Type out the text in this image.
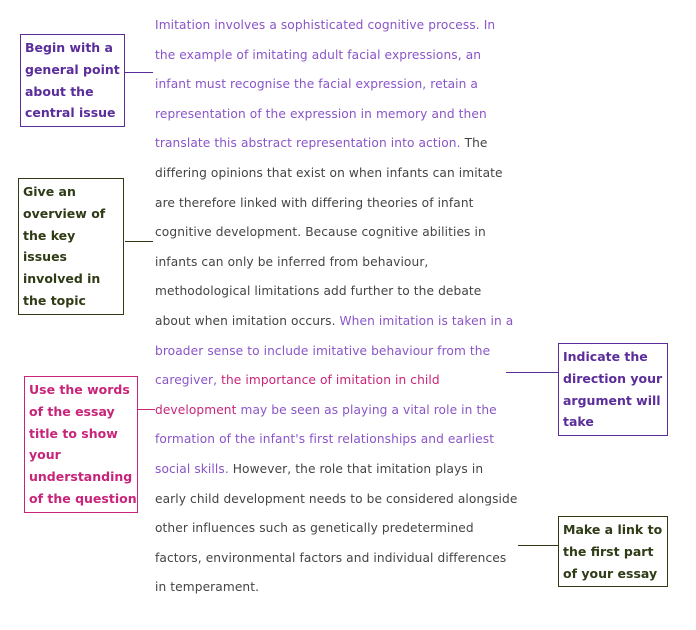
Imitation involves a sophisticated cognitive process. In
the example of imitating adult facial expressions, an
infant must recognise the facial expression, retain a
representation of the expression in memory and then
translate this abstract representation into action. The
differing opinions that exist on when infants can imitate
are therefore linked with differing theories of infant
cognitive development. Because cognitive abilities in
infants can only be inferred from behaviour,
methodological limitations add further to the debate
about when imitation occurs. When imitation is taken in a
broader sense to include imitative behaviour from the
caregiver, the importance of imitation in child
development may be seen as playing a vital role in the
formation of the infant's first relationships and earliest
social skills. However, the role that imitation plays in
early child development needs to be considered alongside
other influences such as genetically predetermined
factors, environmental factors and individual differences
in temperament.
Begin with a
general point
about the
central issue
Give an
overview of
the key
issues
involved in
the topic
Use the words
of the essay
title to show
your
understanding
of the question
Indicate the
direction your
argument will
take
Make a link to
the first part
of your essay
